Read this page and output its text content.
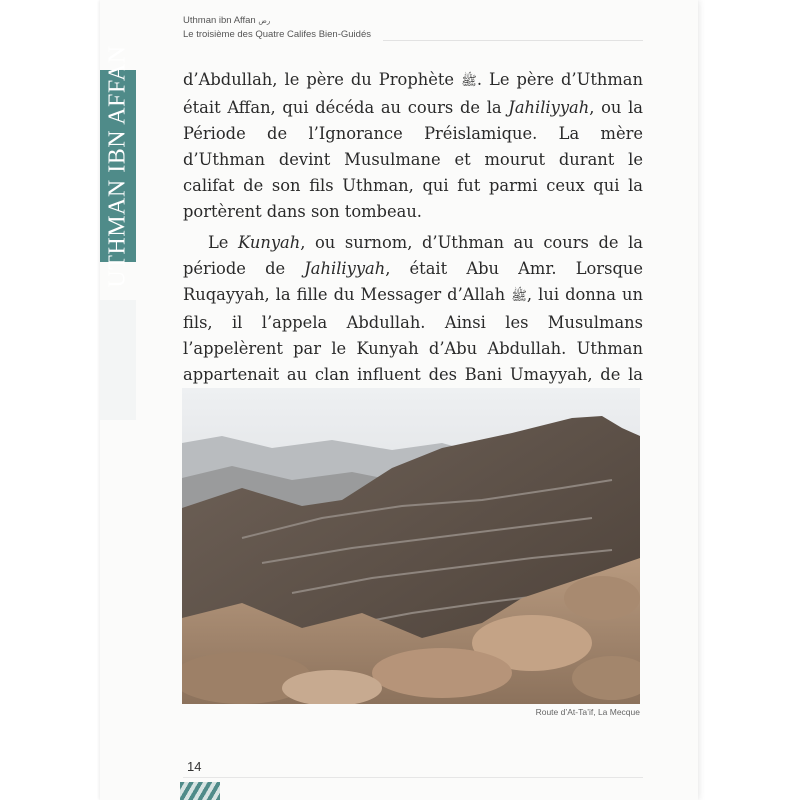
Uthman ibn Affan رض
Le troisième des Quatre Califes Bien-Guidés
UTHMAN IBN AFFAN	d’Abdullah, le père du Prophète ﷺ. Le père d’Uthman était Affan, qui décéda au cours de la Jahiliyyah, ou la Période de l’Ignorance Préislamique. La mère d’Uthman devint Musulmane et mourut durant le califat de son fils Uthman, qui fut parmi ceux qui la portèrent dans son tombeau.

Le Kunyah, ou surnom, d’Uthman au cours de la période de Jahiliyyah, était Abu Amr. Lorsque Ruqayyah, la fille du Messager d’Allah ﷺ, lui donna un fils, il l’appela Abdullah. Ainsi les Musulmans l’appelèrent par le Kunyah d’Abu Abdullah. Uthman appartenait au clan influent des Bani Umayyah, de la

Route d’At-Ta’if, La Mecque
14
